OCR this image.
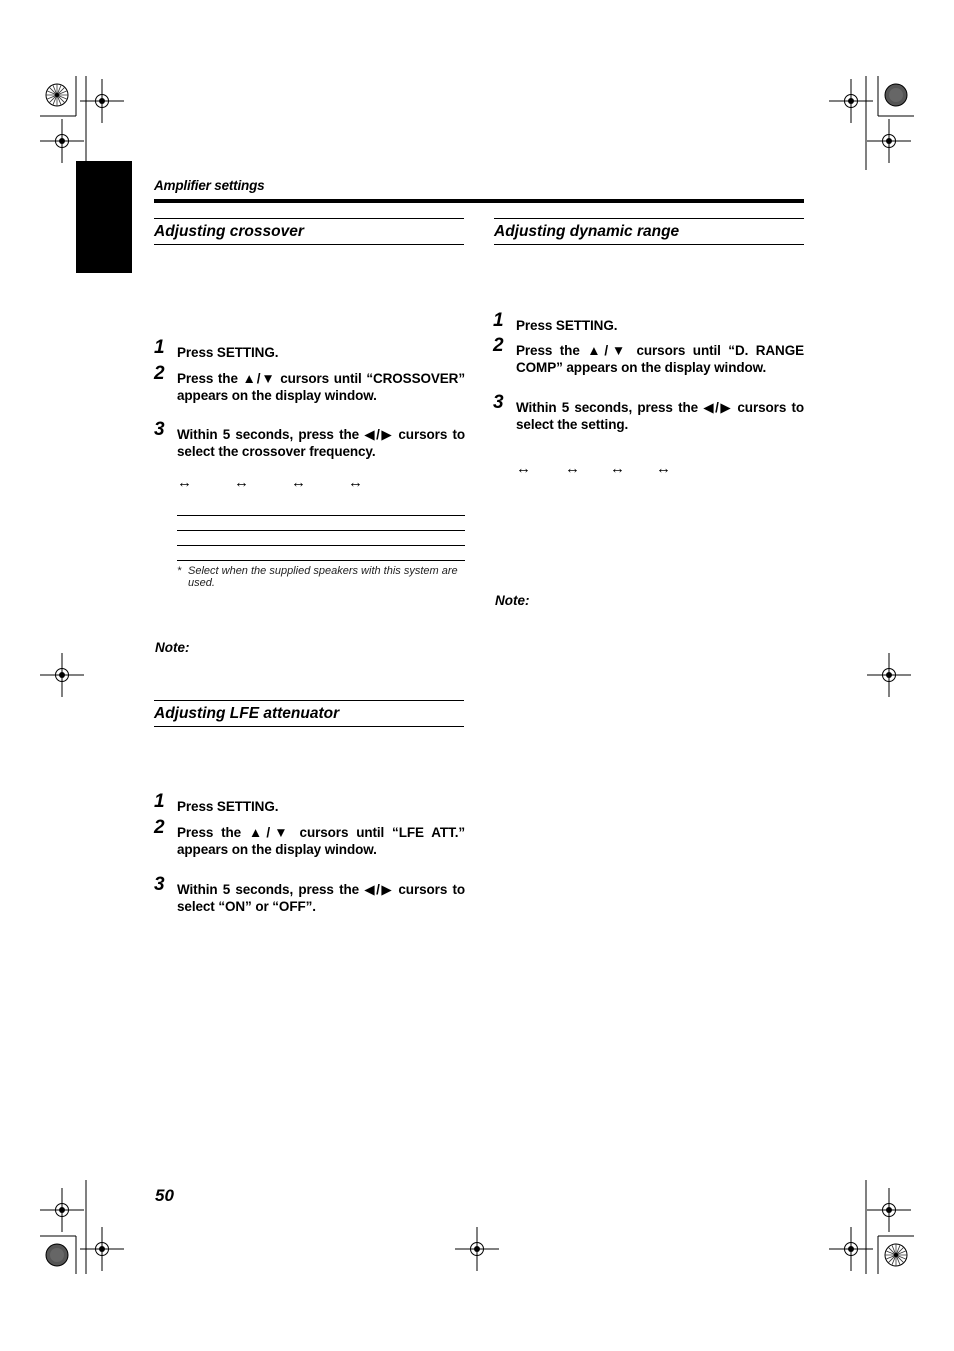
Amplifier settings
Adjusting crossover
1 Press SETTING.
2 Press the ▲/▼ cursors until “CROSSOVER”
appears on the display window.
3 Within 5 seconds, press the ◀/▶ cursors to
select the crossover frequency.
↔	↔	↔	↔
* Select when the supplied speakers with this system are used.
Note:
Adjusting LFE attenuator
1 Press SETTING.
2 Press the ▲/▼ cursors until “LFE ATT.”
appears on the display window.
3 Within 5 seconds, press the ◀/▶ cursors to
select “ON” or “OFF”.
Adjusting dynamic range
1 Press SETTING.
2 Press the ▲/▼ cursors until “D. RANGE
COMP” appears on the display window.
3 Within 5 seconds, press the ◀/▶ cursors to
select the setting.
↔ ↔ ↔ ↔
Note:
50
